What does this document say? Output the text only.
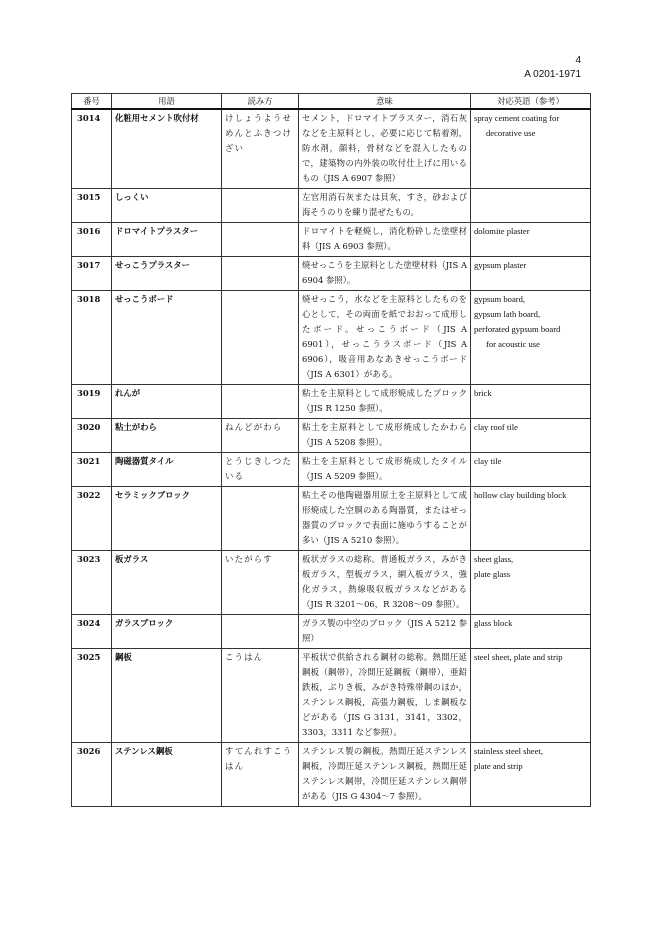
4
A 0201-1971
番号	用語	読み方	意味	対応英語（参考）
3014	化粧用セメント吹付材	けしょうようせめんとふきつけざい	セメント，ドロマイトプラスター，消石灰などを主原料とし，必要に応じて粘着剤，防水剤，顔料，骨材などを混入したもので，建築物の内外装の吹付仕上げに用いるもの（JIS A 6907 参照）	spray cement coating for
decorative use

3015	しっくい		左官用消石灰または貝灰，すさ，砂および海そうのりを練り混ぜたもの。	
3016	ドロマイトプラスター		ドロマイトを軽焼し，消化粉砕した塗壁材料（JIS A 6903 参照）。	dolomite plaster

3017	せっこうプラスター		焼せっこうを主原料とした塗壁材料（JIS A 6904 参照）。	gypsum plaster

3018	せっこうボード		焼せっこう，水などを主原料としたものを心として，その両面を紙でおおって成形したボード。せっこうボード（JIS A 6901），せっこうラスボード（JIS A 6906），吸音用あなあきせっこうボード（JIS A 6301）がある。	gypsum board,
gypsum lath board,
perforated gypsum board
for acoustic use

3019	れんが		粘土を主原料として成形焼成したブロック（JIS R 1250 参照）。	brick

3020	粘土がわら	ねんどがわら	粘土を主原料として成形焼成したかわら（JIS A 5208 参照）。	clay roof tile

3021	陶磁器質タイル	とうじきしつたいる	粘土を主原料として成形焼成したタイル（JIS A 5209 参照）。	clay tile

3022	セラミックブロック		粘土その他陶磁器用原土を主原料として成形焼成した空胴のある陶器質，またはせっ器質のブロックで表面に施ゆうすることが多い（JIS A 5210 参照）。	hollow clay building block

3023	板ガラス	いたがらす	板状ガラスの総称。普通板ガラス，みがき板ガラス，型板ガラス，網入板ガラス，強化ガラス，熱線吸収板ガラスなどがある（JIS R 3201～06，R 3208～09 参照）。	sheet glass,
plate glass

3024	ガラスブロック		ガラス製の中空のブロック（JIS A 5212 参照）	glass block

3025	鋼板	こうはん	平板状で供給される鋼材の総称。熱間圧延鋼板（鋼帯），冷間圧延鋼板（鋼帯），亜鉛鉄板，ぶりき板，みがき特殊帯鋼のほか，ステンレス鋼板，高張力鋼板，しま鋼板などがある（JIS G 3131，3141，3302，3303，3311 など参照）。	steel sheet, plate and strip

3026	ステンレス鋼板	すてんれすこうはん	ステンレス製の鋼板。熱間圧延ステンレス鋼板，冷間圧延ステンレス鋼板，熱間圧延ステンレス鋼帯，冷間圧延ステンレス鋼帯がある（JIS G 4304～7 参照）。	stainless steel sheet,
plate and strip
